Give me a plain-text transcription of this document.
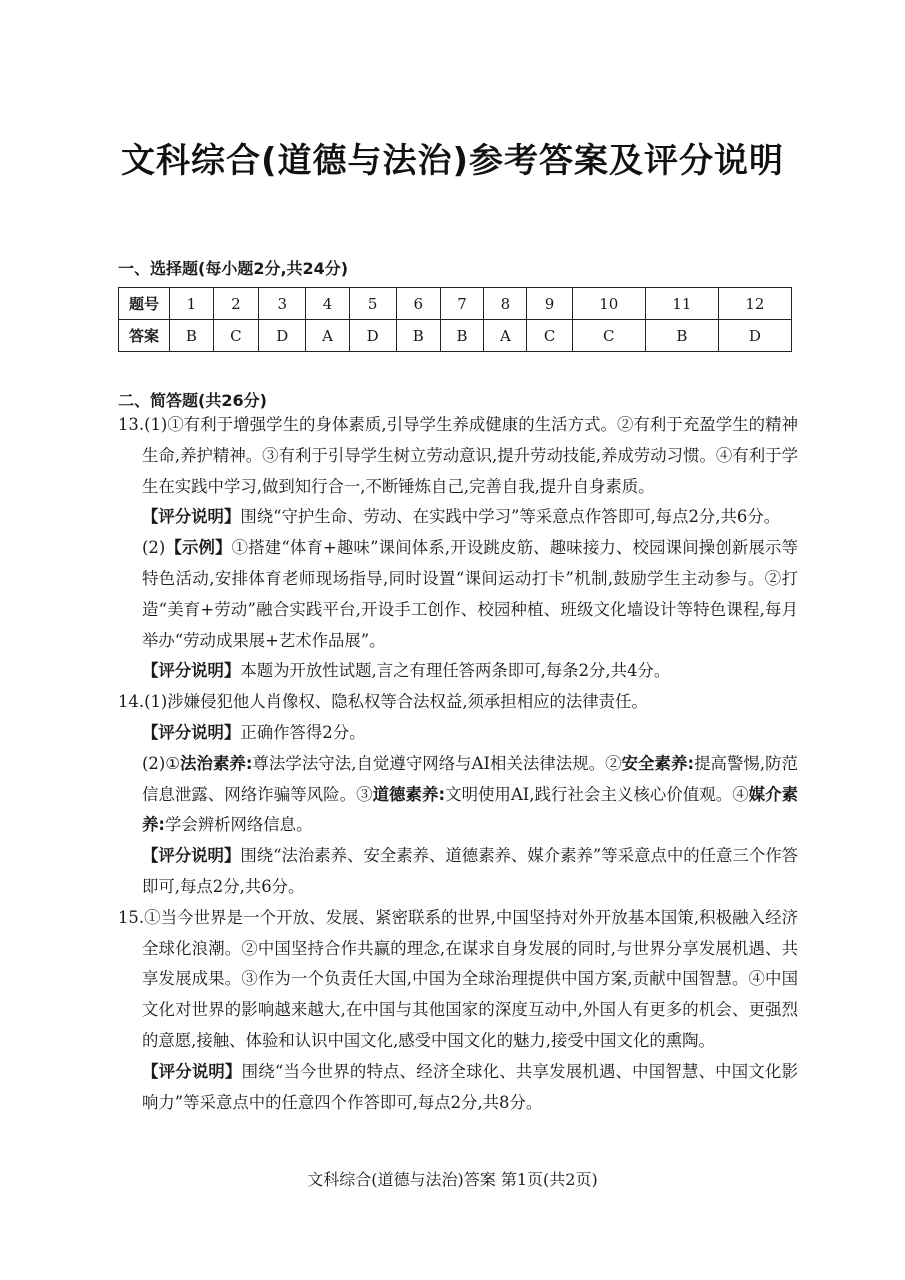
文科综合(道德与法治)参考答案及评分说明
一、选择题(每小题2分,共24分)
题号	1	2	3	4	5	6	7	8	9	10	11	12
答案	B	C	D	A	D	B	B	A	C	C	B	D
二、简答题(共26分)

13.(1)①有利于增强学生的身体素质,引导学生养成健康的生活方式。②有利于充盈学生的精神生命,养护精神。③有利于引导学生树立劳动意识,提升劳动技能,养成劳动习惯。④有利于学生在实践中学习,做到知行合一,不断锤炼自己,完善自我,提升自身素质。

【评分说明】围绕“守护生命、劳动、在实践中学习”等采意点作答即可,每点2分,共6分。

(2)【示例】①搭建“体育+趣味”课间体系,开设跳皮筋、趣味接力、校园课间操创新展示等特色活动,安排体育老师现场指导,同时设置“课间运动打卡”机制,鼓励学生主动参与。②打造“美育+劳动”融合实践平台,开设手工创作、校园种植、班级文化墙设计等特色课程,每月举办“劳动成果展+艺术作品展”。

【评分说明】本题为开放性试题,言之有理任答两条即可,每条2分,共4分。

14.(1)涉嫌侵犯他人肖像权、隐私权等合法权益,须承担相应的法律责任。

【评分说明】正确作答得2分。

(2)①法治素养:尊法学法守法,自觉遵守网络与AI相关法律法规。②安全素养:提高警惕,防范信息泄露、网络诈骗等风险。③道德素养:文明使用AI,践行社会主义核心价值观。④媒介素养:学会辨析网络信息。

【评分说明】围绕“法治素养、安全素养、道德素养、媒介素养”等采意点中的任意三个作答即可,每点2分,共6分。

15.①当今世界是一个开放、发展、紧密联系的世界,中国坚持对外开放基本国策,积极融入经济全球化浪潮。②中国坚持合作共赢的理念,在谋求自身发展的同时,与世界分享发展机遇、共享发展成果。③作为一个负责任大国,中国为全球治理提供中国方案,贡献中国智慧。④中国文化对世界的影响越来越大,在中国与其他国家的深度互动中,外国人有更多的机会、更强烈的意愿,接触、体验和认识中国文化,感受中国文化的魅力,接受中国文化的熏陶。

【评分说明】围绕“当今世界的特点、经济全球化、共享发展机遇、中国智慧、中国文化影响力”等采意点中的任意四个作答即可,每点2分,共8分。

文科综合(道德与法治)答案 第1页(共2页)
